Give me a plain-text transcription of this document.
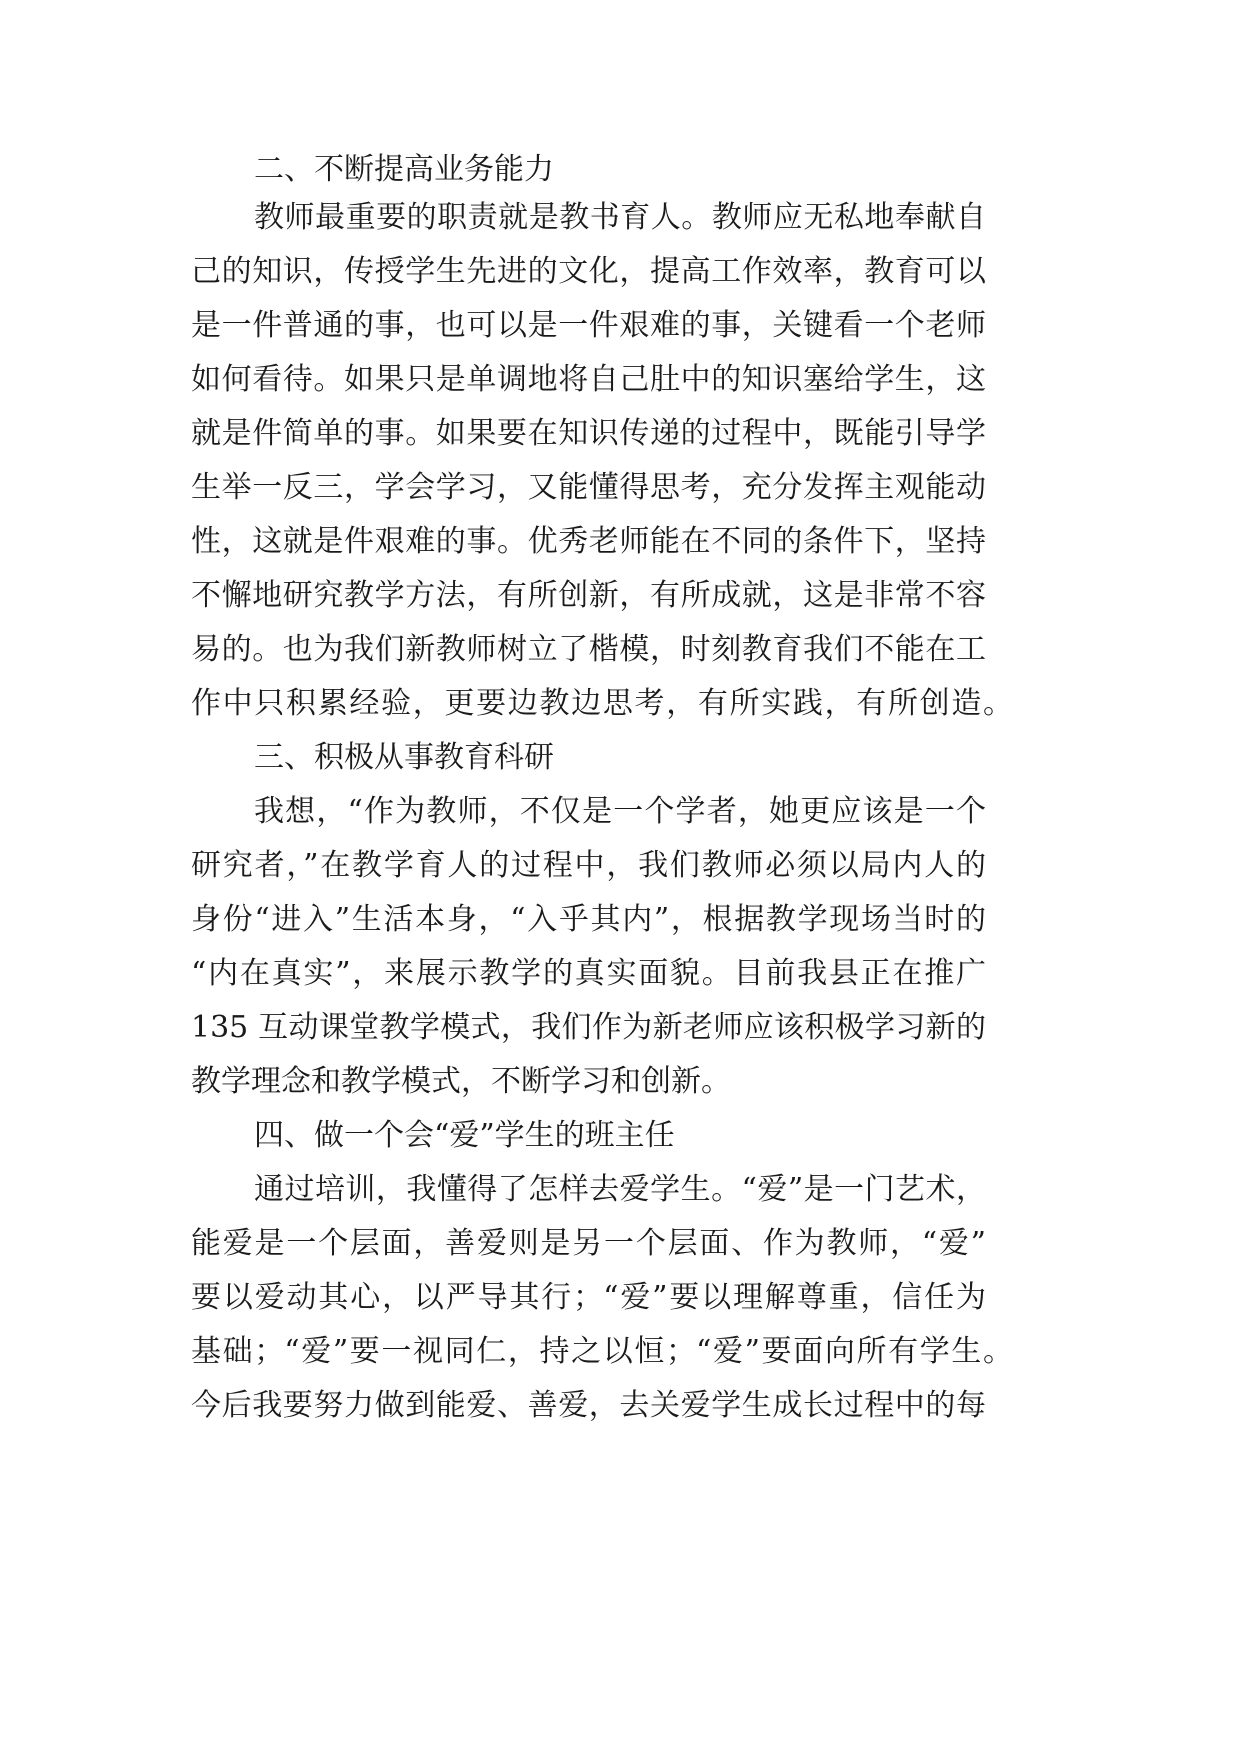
二、不断提高业务能力
教师最重要的职责就是教书育人。教师应无私地奉献自
己的知识，传授学生先进的文化，提高工作效率，教育可以
是一件普通的事，也可以是一件艰难的事，关键看一个老师
如何看待。如果只是单调地将自己肚中的知识塞给学生，这
就是件简单的事。如果要在知识传递的过程中，既能引导学
生举一反三，学会学习，又能懂得思考，充分发挥主观能动
性，这就是件艰难的事。优秀老师能在不同的条件下，坚持
不懈地研究教学方法，有所创新，有所成就，这是非常不容
易的。也为我们新教师树立了楷模，时刻教育我们不能在工
作中只积累经验，更要边教边思考，有所实践，有所创造。
三、积极从事教育科研
我想，“作为教师，不仅是一个学者，她更应该是一个
研究者，”在教学育人的过程中，我们教师必须以局内人的
身份“进入”生活本身，“入乎其内”，根据教学现场当时的
“内在真实”，来展示教学的真实面貌。目前我县正在推广
135 互动课堂教学模式，我们作为新老师应该积极学习新的
教学理念和教学模式，不断学习和创新。
四、做一个会“爱”学生的班主任
通过培训，我懂得了怎样去爱学生。“爱”是一门艺术，
能爱是一个层面，善爱则是另一个层面、作为教师，“爱”
要以爱动其心，以严导其行；“爱”要以理解尊重，信任为
基础；“爱”要一视同仁，持之以恒；“爱”要面向所有学生。
今后我要努力做到能爱、善爱，去关爱学生成长过程中的每
